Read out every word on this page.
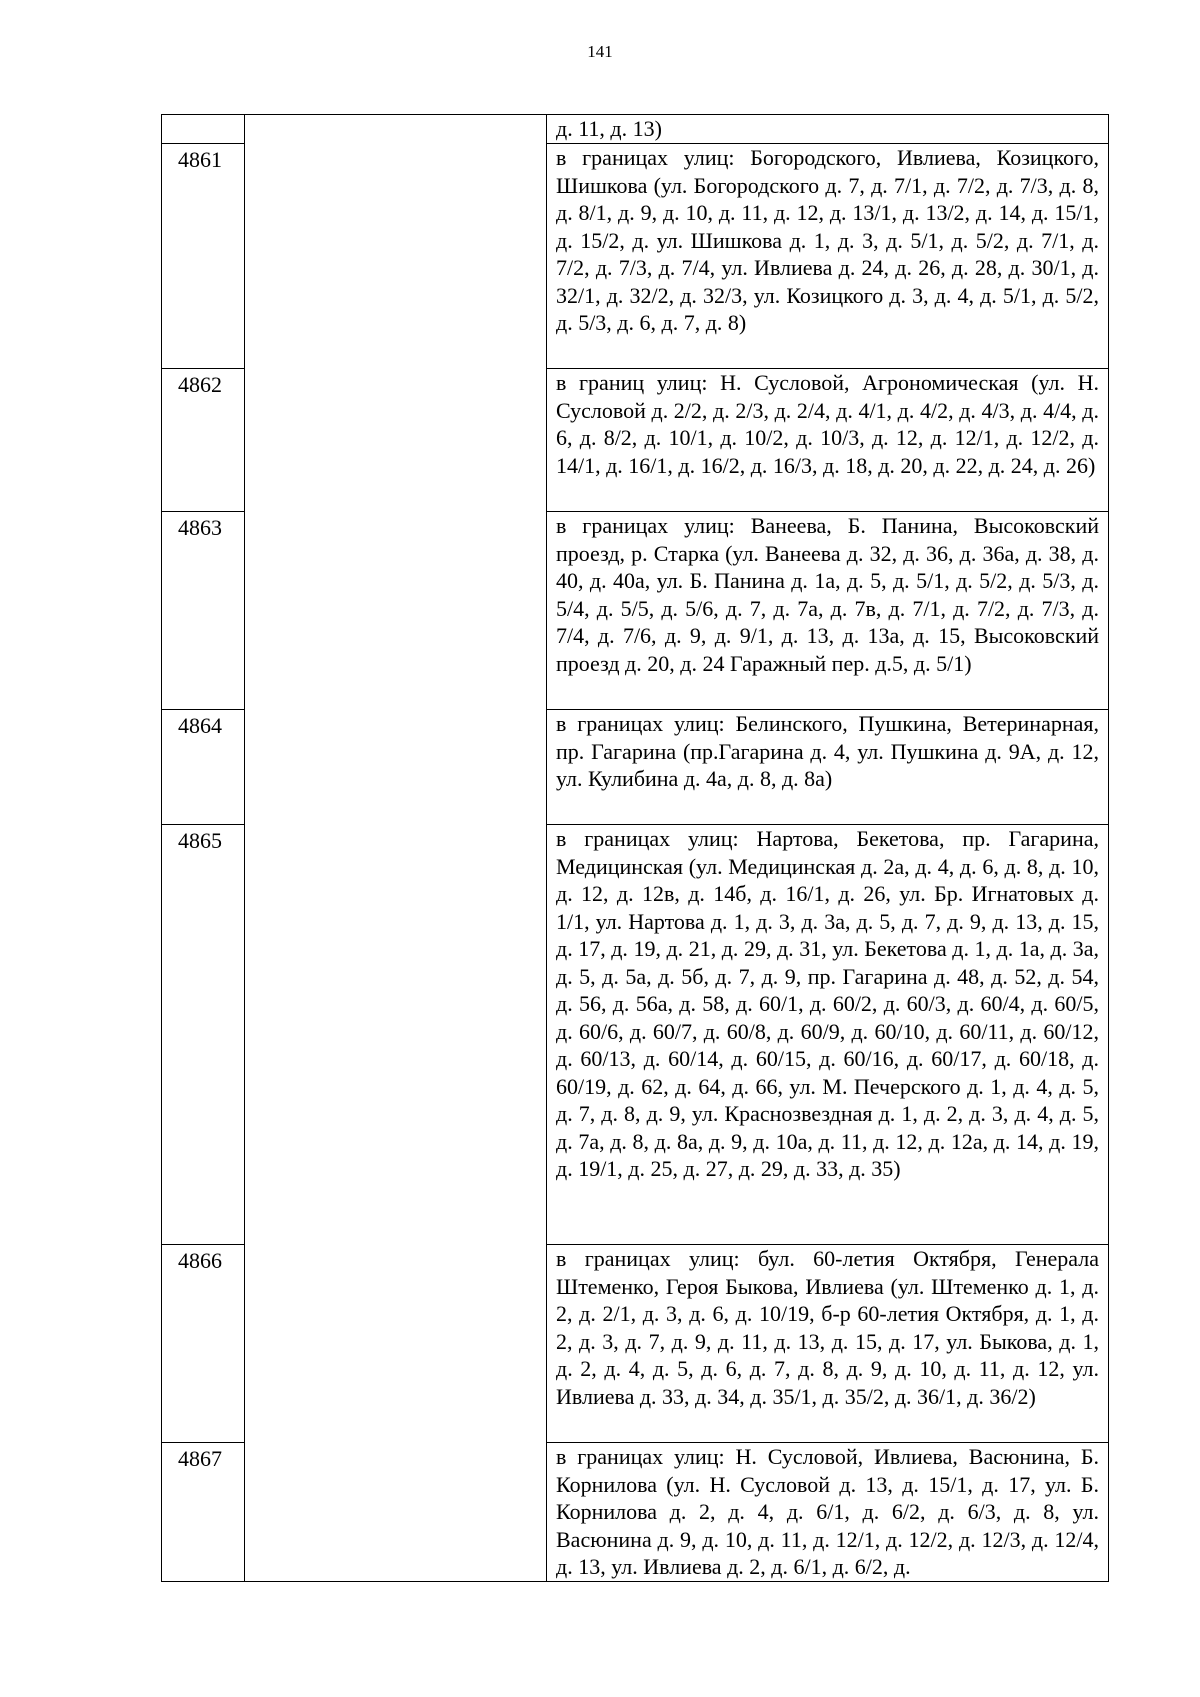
141
		д. 11, д. 13)
4861		в границах улиц: Богородского, Ивлиева, Козицкого, Шишкова (ул. Богородского д. 7, д. 7/1, д. 7/2, д. 7/3, д. 8, д. 8/1, д. 9, д. 10, д. 11, д. 12, д. 13/1, д. 13/2, д. 14, д. 15/1, д. 15/2, д. ул. Шишкова д. 1, д. 3, д. 5/1, д. 5/2, д. 7/1, д. 7/2, д. 7/3, д. 7/4, ул. Ивлиева д. 24, д. 26, д. 28, д. 30/1, д. 32/1, д. 32/2, д. 32/3, ул. Козицкого д. 3, д. 4, д. 5/1, д. 5/2, д. 5/3, д. 6, д. 7, д. 8)
4862		в границ улиц: Н. Сусловой, Агрономическая (ул. Н. Сусловой д. 2/2, д. 2/3, д. 2/4, д. 4/1, д. 4/2, д. 4/3, д. 4/4, д. 6, д. 8/2, д. 10/1, д. 10/2, д. 10/3, д. 12, д. 12/1, д. 12/2, д. 14/1, д. 16/1, д. 16/2, д. 16/3, д. 18, д. 20, д. 22, д. 24, д. 26)
4863		в границах улиц: Ванеева, Б. Панина, Высоковский проезд, р. Старка (ул. Ванеева д. 32, д. 36, д. 36а, д. 38, д. 40, д. 40а, ул. Б. Панина д. 1а, д. 5, д. 5/1, д. 5/2, д. 5/3, д. 5/4, д. 5/5, д. 5/6, д. 7, д. 7а, д. 7в, д. 7/1, д. 7/2, д. 7/3, д. 7/4, д. 7/6, д. 9, д. 9/1, д. 13, д. 13а, д. 15, Высоковский проезд д. 20, д. 24 Гаражный пер. д.5, д. 5/1)
4864		в границах улиц: Белинского, Пушкина, Ветеринарная, пр. Гагарина (пр.Гагарина д. 4, ул. Пушкина д. 9А, д. 12, ул. Кулибина д. 4а, д. 8, д. 8а)
4865		в границах улиц: Нартова, Бекетова, пр. Гагарина, Медицинская (ул. Медицинская д. 2а, д. 4, д. 6, д. 8, д. 10, д. 12, д. 12в, д. 14б, д. 16/1, д. 26, ул. Бр. Игнатовых д. 1/1, ул. Нартова д. 1, д. 3, д. 3а, д. 5, д. 7, д. 9, д. 13, д. 15, д. 17, д. 19, д. 21, д. 29, д. 31, ул. Бекетова д. 1, д. 1а, д. 3а, д. 5, д. 5а, д. 5б, д. 7, д. 9, пр. Гагарина д. 48, д. 52, д. 54, д. 56, д. 56а, д. 58, д. 60/1, д. 60/2, д. 60/3, д. 60/4, д. 60/5, д. 60/6, д. 60/7, д. 60/8, д. 60/9, д. 60/10, д. 60/11, д. 60/12, д. 60/13, д. 60/14, д. 60/15, д. 60/16, д. 60/17, д. 60/18, д. 60/19, д. 62, д. 64, д. 66, ул. М. Печерского д. 1, д. 4, д. 5, д. 7, д. 8, д. 9, ул. Краснозвездная д. 1, д. 2, д. 3, д. 4, д. 5, д. 7а, д. 8, д. 8а, д. 9, д. 10а, д. 11, д. 12, д. 12а, д. 14, д. 19, д. 19/1, д. 25, д. 27, д. 29, д. 33, д. 35)
4866		в границах улиц: бул. 60-летия Октября, Генерала Штеменко, Героя Быкова, Ивлиева (ул. Штеменко д. 1, д. 2, д. 2/1, д. 3, д. 6, д. 10/19, б-р 60-летия Октября, д. 1, д. 2, д. 3, д. 7, д. 9, д. 11, д. 13, д. 15, д. 17, ул. Быкова, д. 1, д. 2, д. 4, д. 5, д. 6, д. 7, д. 8, д. 9, д. 10, д. 11, д. 12, ул. Ивлиева д. 33, д. 34, д. 35/1, д. 35/2, д. 36/1, д. 36/2)
4867		в границах улиц: Н. Сусловой, Ивлиева, Васюнина, Б. Корнилова (ул. Н. Сусловой д. 13, д. 15/1, д. 17, ул. Б. Корнилова д. 2, д. 4, д. 6/1, д. 6/2, д. 6/3, д. 8, ул. Васюнина д. 9, д. 10, д. 11, д. 12/1, д. 12/2, д. 12/3, д. 12/4, д. 13, ул. Ивлиева д. 2, д. 6/1, д. 6/2, д.
